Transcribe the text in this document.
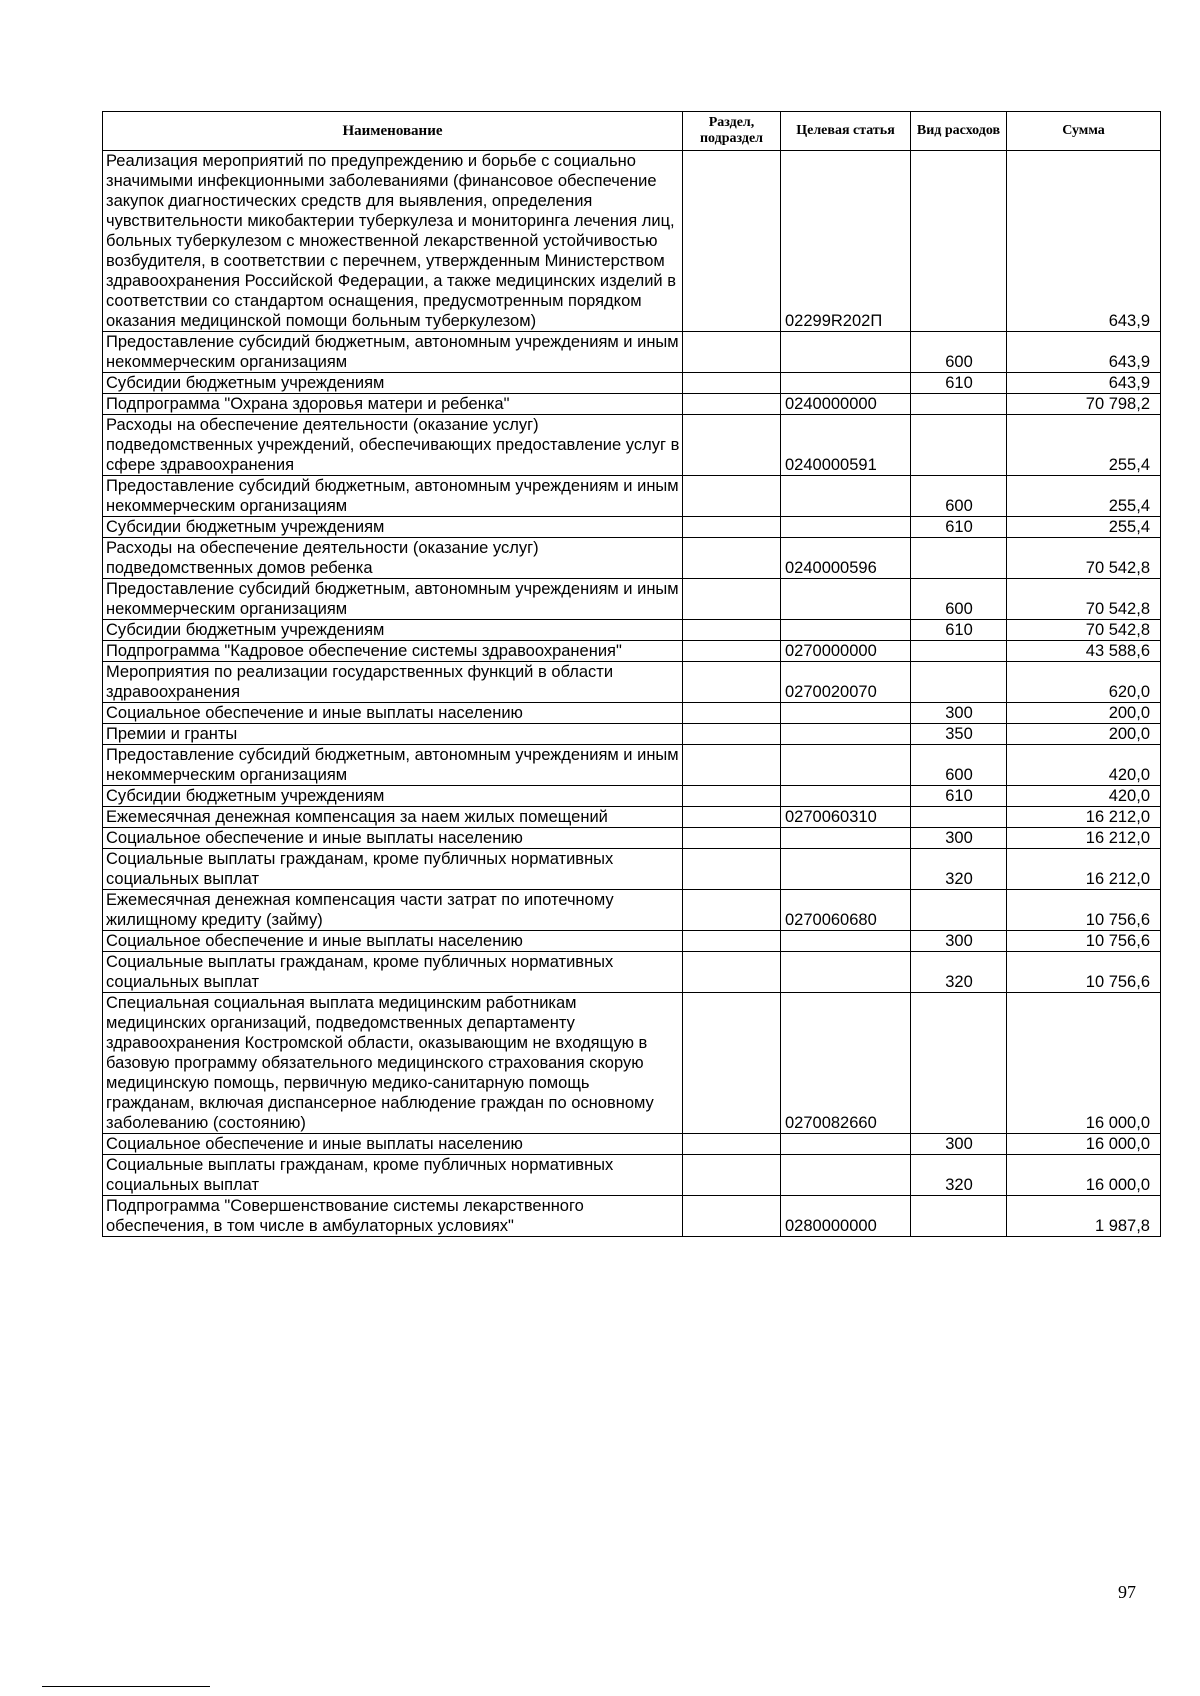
Наименование	Раздел, подраздел	Целевая статья	Вид расходов	Сумма
Реализация мероприятий по предупреждению и борьбе с социально значимыми инфекционными заболеваниями (финансовое обеспечение закупок диагностических средств для выявления, определения чувствительности микобактерии туберкулеза и мониторинга лечения лиц, больных туберкулезом с множественной лекарственной устойчивостью возбудителя, в соответствии с перечнем, утвержденным Министерством здравоохранения Российской Федерации, а также медицинских изделий в соответствии со стандартом оснащения, предусмотренным порядком оказания медицинской помощи больным туберкулезом)		02299R202П		643,9
Предоставление субсидий бюджетным, автономным учреждениям и иным некоммерческим организациям			600	643,9
Субсидии бюджетным учреждениям			610	643,9
Подпрограмма "Охрана здоровья матери и ребенка"		0240000000		70 798,2
Расходы на обеспечение деятельности (оказание услуг) подведомственных учреждений, обеспечивающих предоставление услуг в сфере здравоохранения		0240000591		255,4
Предоставление субсидий бюджетным, автономным учреждениям и иным некоммерческим организациям			600	255,4
Субсидии бюджетным учреждениям			610	255,4
Расходы на обеспечение деятельности (оказание услуг) подведомственных домов ребенка		0240000596		70 542,8
Предоставление субсидий бюджетным, автономным учреждениям и иным некоммерческим организациям			600	70 542,8
Субсидии бюджетным учреждениям			610	70 542,8
Подпрограмма "Кадровое обеспечение системы здравоохранения"		0270000000		43 588,6
Мероприятия по реализации государственных функций в области здравоохранения		0270020070		620,0
Социальное обеспечение и иные выплаты населению			300	200,0
Премии и гранты			350	200,0
Предоставление субсидий бюджетным, автономным учреждениям и иным некоммерческим организациям			600	420,0
Субсидии бюджетным учреждениям			610	420,0
Ежемесячная денежная компенсация за наем жилых помещений		0270060310		16 212,0
Социальное обеспечение и иные выплаты населению			300	16 212,0
Социальные выплаты гражданам, кроме публичных нормативных социальных выплат			320	16 212,0
Ежемесячная денежная компенсация части затрат по ипотечному жилищному кредиту (займу)		0270060680		10 756,6
Социальное обеспечение и иные выплаты населению			300	10 756,6
Социальные выплаты гражданам, кроме публичных нормативных социальных выплат			320	10 756,6
Специальная социальная выплата медицинским работникам медицинских организаций, подведомственных департаменту здравоохранения Костромской области, оказывающим не входящую в базовую программу обязательного медицинского страхования скорую медицинскую помощь, первичную медико-санитарную помощь гражданам, включая диспансерное наблюдение граждан по основному заболеванию (состоянию)		0270082660		16 000,0
Социальное обеспечение и иные выплаты населению			300	16 000,0
Социальные выплаты гражданам, кроме публичных нормативных социальных выплат			320	16 000,0
Подпрограмма "Совершенствование системы лекарственного обеспечения, в том числе в амбулаторных условиях"		0280000000		1 987,8
97
